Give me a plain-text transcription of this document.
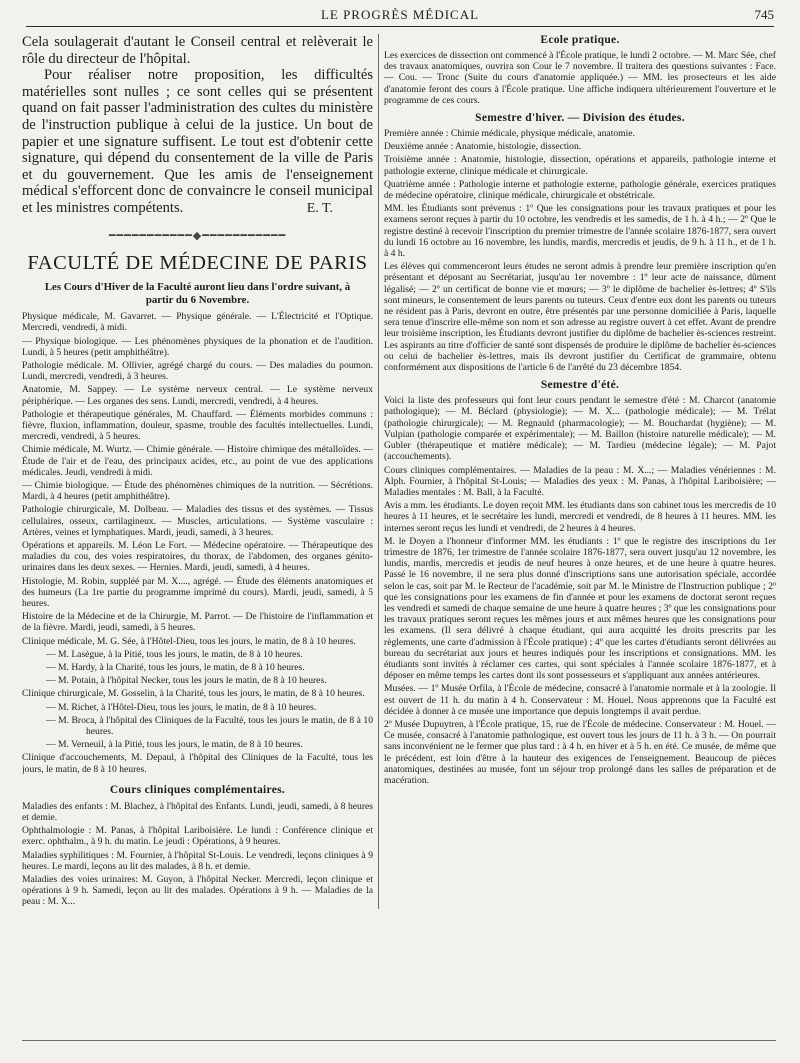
LE PROGRÈS MÉDICAL	745

Cela soulagerait d'autant le Conseil central et relèverait le rôle du directeur de l'hôpital.

Pour réaliser notre proposition, les difficultés matérielles sont nulles ; ce sont celles qui se présentent quand on fait passer l'administration des cultes du ministère de l'instruction publique à celui de la justice. Un bout de papier et une signature suffisent. Le tout est d'obtenir cette signature, qui dépend du consentement de la ville de Paris et du gouvernement. Que les amis de l'enseignement médical s'efforcent donc de convaincre le conseil municipal et les ministres compétents.	E. T.

━━━━━━━━━━━◆━━━━━━━━━━━
FACULTÉ DE MÉDECINE DE PARIS
Les Cours d'Hiver de la Faculté auront lieu dans l'ordre suivant, à partir du 6 Novembre.

Physique médicale, M. Gavarret. — Physique générale. — L'Électricité et l'Optique. Mercredi, vendredi, à midi.

— Physique biologique. — Les phénomènes physiques de la phonation et de l'audition. Lundi, à 5 heures (petit amphithéâtre).

Pathologie médicale. M. Ollivier, agrégé chargé du cours. — Des maladies du poumon. Lundi, mercredi, vendredi, à 3 heures.

Anatomie, M. Sappey. — Le système nerveux central. — Le système nerveux périphérique. — Les organes des sens. Lundi, mercredi, vendredi, à 4 heures.

Pathologie et thérapeutique générales, M. Chauffard. — Éléments morbides communs : fièvre, fluxion, inflammation, douleur, spasme, trouble des facultés intellectuelles. Lundi, mercredi, vendredi, à 5 heures.

Chimie médicale, M. Wurtz. — Chimie générale. — Histoire chimique des métalloïdes. — Étude de l'air et de l'eau, des principaux acides, etc., au point de vue des applications médicales. Jeudi, vendredi à midi.

— Chimie biologique. — Étude des phénomènes chimiques de la nutrition. — Sécrétions. Mardi, à 4 heures (petit amphithéâtre).

Pathologie chirurgicale, M. Dolbeau. — Maladies des tissus et des systèmes. — Tissus cellulaires, osseux, cartilagineux. — Muscles, articulations. — Système vasculaire : Artères, veines et lymphatiques. Mardi, jeudi, samedi, à 3 heures.

Opérations et appareils. M. Léon Le Fort. — Médecine opératoire. — Thérapeutique des maladies du cou, des voies respiratoires, du thorax, de l'abdomen, des organes génito-urinaires dans les deux sexes. — Hernies. Mardi, jeudi, samedi, à 4 heures.

Histologie, M. Robin, suppléé par M. X...., agrégé. — Étude des éléments anatomiques et des humeurs (La 1re partie du programme imprimé du cours). Mardi, jeudi, samedi, à 5 heures.

Histoire de la Médecine et de la Chirurgie, M. Parrot. — De l'histoire de l'inflammation et de la fièvre. Mardi, jeudi, samedi, à 5 heures.

Clinique médicale, M. G. Sée, à l'Hôtel-Dieu, tous les jours, le matin, de 8 à 10 heures.

— M. Lasègue, à la Pitié, tous les jours, le matin, de 8 à 10 heures.

— M. Hardy, à la Charité, tous les jours, le matin, de 8 à 10 heures.

— M. Potain, à l'hôpital Necker, tous les jours le matin, de 8 à 10 heures.

Clinique chirurgicale, M. Gosselin, à la Charité, tous les jours, le matin, de 8 à 10 heures.

— M. Richet, à l'Hôtel-Dieu, tous les jours, le matin, de 8 à 10 heures.

— M. Broca, à l'hôpital des Cliniques de la Faculté, tous les jours le matin, de 8 à 10 heures.

— M. Verneuil, à la Pitié, tous les jours, le matin, de 8 à 10 heures.

Clinique d'accouchements, M. Depaul, à l'hôpital des Cliniques de la Faculté, tous les jours, le matin, de 8 à 10 heures.

Cours cliniques complémentaires.

Maladies des enfants : M. Blachez, à l'hôpital des Enfants. Lundi, jeudi, samedi, à 8 heures et demie.

Ophthalmologie : M. Panas, à l'hôpital Lariboisière. Le lundi : Conférence clinique et exerc. ophthalm., à 9 h. du matin. Le jeudi : Opérations, à 9 heures.

Maladies syphilitiques : M. Fournier, à l'hôpital St-Louis. Le vendredi, leçons cliniques à 9 heures. Le mardi, leçons au lit des malades, à 8 h. et demie.

Maladies des voies urinaires: M. Guyon, à l'hôpital Necker. Mercredi, leçon clinique et opérations à 9 h. Samedi, leçon au lit des malades. Opérations à 9 h. — Maladies de la peau : M. X...

Ecole pratique.

Les exercices de dissection ont commencé à l'École pratique, le lundi 2 octobre. — M. Marc Sée, chef des travaux anatomiques, ouvrira son Cour le 7 novembre. Il traitera des questions suivantes : Face. — Cou. — Tronc (Suite du cours d'anatomie appliquée.) — MM. les prosecteurs et les aide d'anatomie feront des cours à l'École pratique. Une affiche indiquera ultérieurement l'ouverture et le programme de ces cours.

Semestre d'hiver. — Division des études.

Première année : Chimie médicale, physique médicale, anatomie.

Deuxième année : Anatomie, histologie, dissection.

Troisième année : Anatomie, histologie, dissection, opérations et appareils, pathologie interne et pathologie externe, clinique médicale et chirurgicale.

Quatrième année : Pathologie interne et pathologie externe, pathologie générale, exercices pratiques de médecine opératoire, clinique médicale, chirurgicale et obstétricale.

MM. les Étudiants sont prévenus : 1º Que les consignations pour les travaux pratiques et pour les examens seront reçues à partir du 10 octobre, les vendredis et les samedis, de 1 h. à 4 h.; — 2º Que le registre destiné à recevoir l'inscription du premier trimestre de l'année scolaire 1876-1877, sera ouvert du lundi 16 octobre au 16 novembre, les lundis, mardis, mercredis et jeudis, de 9 h. à 11 h., et de 1 h. à 4 h.

Les élèves qui commenceront leurs études ne seront admis à prendre leur première inscription qu'en présentant et déposant au Secrétariat, jusqu'au 1er novembre : 1º leur acte de naissance, dûment légalisé; — 2º un certificat de bonne vie et mœurs; — 3º le diplôme de bachelier ès-lettres; 4º S'ils sont mineurs, le consentement de leurs parents ou tuteurs. Ceux d'entre eux dont les parents ou tuteurs ne résident pas à Paris, devront en outre, être présentés par une personne domiciliée à Paris, laquelle sera tenue d'inscrire elle-même son nom et son adresse au registre ouvert à cet effet. Avant de prendre leur troisième inscription, les Étudiants devront justifier du diplôme de bachelier ès-sciences restreint. Les aspirants au titre d'officier de santé sont dispensés de produire le diplôme de bachelier ès-sciences ou celui de bachelier ès-lettres, mais ils devront justifier du Certificat de grammaire, obtenu conformément aux dispositions de l'article 6 de l'arrêté du 23 décembre 1854.

Semestre d'été.

Voici la liste des professeurs qui font leur cours pendant le semestre d'été : M. Charcot (anatomie pathologique); — M. Béclard (physiologie); — M. X... (pathologie médicale); — M. Trélat (pathologie chirurgicale); — M. Regnauld (pharmacologie); — M. Bouchardat (hygiène); — M. Vulpian (pathologie comparée et expérimentale); — M. Baillon (histoire naturelle médicale); — M. Gubler (thérapeutique et matière médicale); — M. Tardieu (médecine légale); — M. Pajot (accouchements).

Cours cliniques complémentaires. — Maladies de la peau : M. X...; — Maladies vénériennes : M. Alph. Fournier, à l'hôpital St-Louis; — Maladies des yeux : M. Panas, à l'hôpital Lariboisière; — Maladies mentales : M. Ball, à la Faculté.

Avis a mm. les étudiants. Le doyen reçoit MM. les étudiants dans son cabinet tous les mercredis de 10 heures à 11 heures, et le secrétaire les lundi, mercredi et vendredi, de 8 heures à 11 heures. MM. les internes seront reçus les lundi et vendredi, de 2 heures à 4 heures.

M. le Doyen a l'honneur d'informer MM. les étudiants : 1º que le registre des inscriptions du 1er trimestre de 1876, 1er trimestre de l'année scolaire 1876-1877, sera ouvert jusqu'au 12 novembre, les lundis, mardis, mercredis et jeudis de neuf heures à onze heures, et de une heure à quatre heures. Passé le 16 novembre, il ne sera plus donné d'inscriptions sans une autorisation spéciale, accordée selon le cas, soit par M. le Recteur de l'académie, soit par M. le Ministre de l'Instruction publique ; 2º que les consignations pour les examens de fin d'année et pour les examens de doctorat seront reçues les vendredi et samedi de chaque semaine de une heure à quatre heures ; 3º que les consignations pour les travaux pratiques seront reçues les mêmes jours et aux mêmes heures que les consignations pour les examens. (Il sera délivré à chaque étudiant, qui aura acquitté les droits prescrits par les règlements, une carte d'admission à l'École pratique) ; 4º que les cartes d'étudiants seront délivrées au bureau du secrétariat aux jours et heures indiqués pour les inscriptions et consignations. MM. les étudiants sont invités à réclamer ces cartes, qui sont spéciales à l'année scolaire 1876-1877, et à déposer en même temps les cartes dont ils sont possesseurs et s'appliquant aux années antérieures.

Musées. — 1º Musée Orfila, à l'École de médecine, consacré à l'anatomie normale et à la zoologie. Il est ouvert de 11 h. du matin à 4 h. Conservateur : M. Houel. Nous apprenons que la Faculté est décidée à donner à ce musée une importance que depuis longtemps il avait perdue.

2º Musée Dupuytren, à l'École pratique, 15, rue de l'École de médecine. Conservateur : M. Houel. — Ce musée, consacré à l'anatomie pathologique, est ouvert tous les jours de 11 h. à 3 h. — On pourrait sans inconvénient ne le fermer que plus tard : à 4 h. en hiver et à 5 h. en été. Ce musée, de même que le précédent, est loin d'être à la hauteur des exigences de l'enseignement. Beaucoup de pièces anatomiques, destinées au musée, font un séjour trop prolongé dans les salles de préparation et de macération.
